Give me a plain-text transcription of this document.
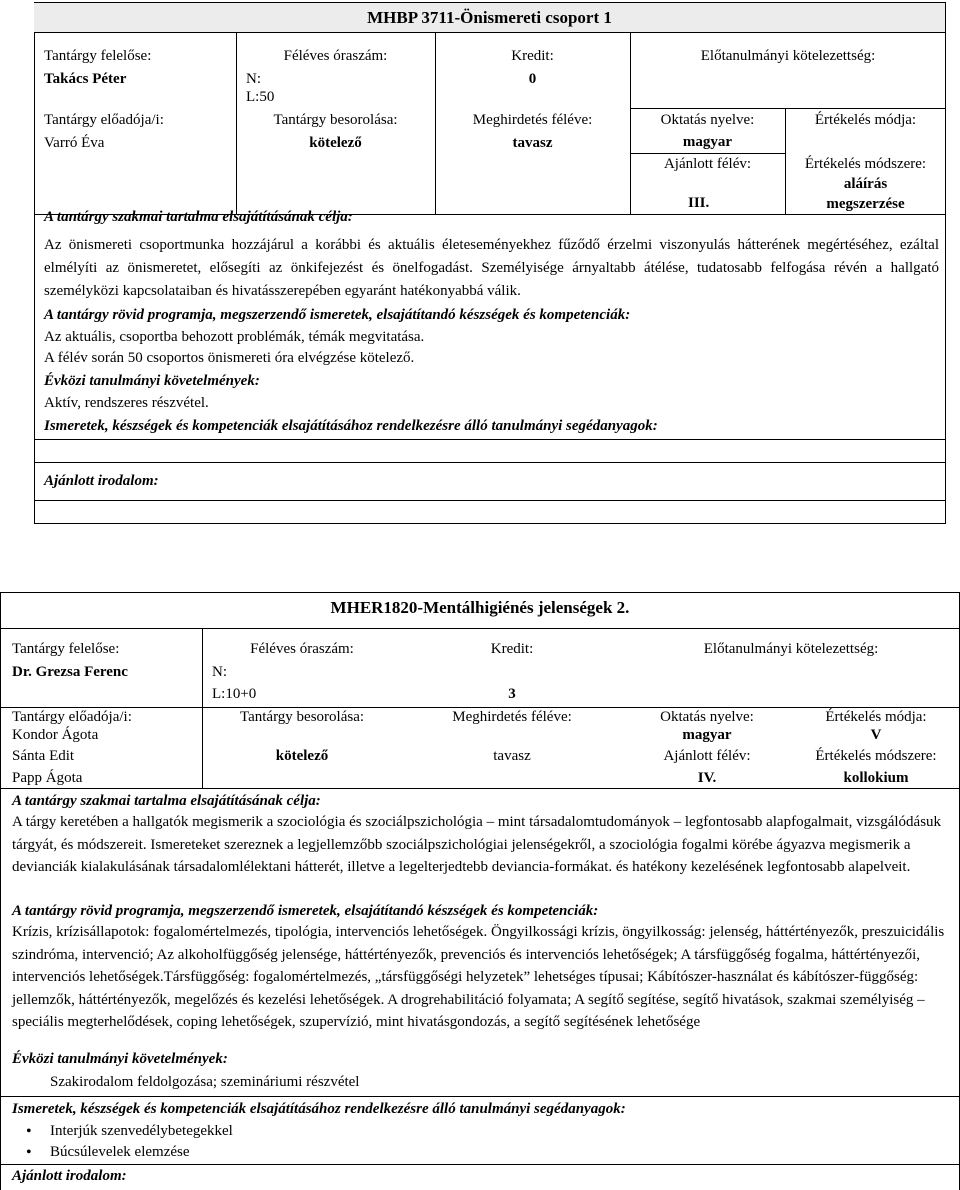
MHBP 3711-Önismereti csoport 1
Tantárgy felelőse:
Takács Péter
Tantárgy előadója/i:
Varró Éva
Féléves óraszám:
N:
L:50
Tantárgy besorolása:
kötelező
Kredit:
0
Meghirdetés féléve:
tavasz
Előtanulmányi kötelezettség:
Oktatás nyelve:
magyar
Ajánlott félév:
III.
Értékelés módja:
Értékelés módszere:
aláírás
megszerzése
A tantárgy szakmai tartalma elsajátításának célja:
Az önismereti csoportmunka hozzájárul a korábbi és aktuális életeseményekhez fűződő érzelmi viszonyulás hátterének megértéséhez, ezáltal elmélyíti az önismeretet, elősegíti az önkifejezést és önelfogadást. Személyisége árnyaltabb átélése, tudatosabb felfogása révén a hallgató személyközi kapcsolataiban és hivatásszerepében egyaránt hatékonyabbá válik.
A tantárgy rövid programja, megszerzendő ismeretek, elsajátítandó készségek és kompetenciák:
Az aktuális, csoportba behozott problémák, témák megvitatása.
A félév során 50 csoportos önismereti óra elvégzése kötelező.
Évközi tanulmányi követelmények:
Aktív, rendszeres részvétel.
Ismeretek, készségek és kompetenciák elsajátításához rendelkezésre álló tanulmányi segédanyagok:
Ajánlott irodalom:
MHER1820-Mentálhigiénés jelenségek 2.
Tantárgy felelőse:
Dr. Grezsa Ferenc
Tantárgy előadója/i:
Kondor Ágota
Sánta Edit
Papp Ágota
Féléves óraszám:
N:
L:10+0
Tantárgy besorolása:
kötelező
Kredit:
3
Meghirdetés féléve:
tavasz
Előtanulmányi kötelezettség:
Oktatás nyelve:
magyar
Ajánlott félév:
IV.
Értékelés módja:
V
Értékelés módszere:
kollokium
A tantárgy szakmai tartalma elsajátításának célja:
A tárgy keretében a hallgatók megismerik a szociológia és szociálpszichológia – mint társadalomtudományok – legfontosabb alapfogalmait, vizsgálódásuk tárgyát, és módszereit. Ismereteket szereznek a legjellemzőbb szociálpszichológiai jelenségekről, a szociológia fogalmi körébe ágyazva megismerik a devianciák kialakulásának társadalomlélektani hátterét, illetve a legelterjedtebb deviancia-formákat. és hatékony kezelésének legfontosabb alapelveit.
A tantárgy rövid programja, megszerzendő ismeretek, elsajátítandó készségek és kompetenciák:
Krízis, krízisállapotok: fogalomértelmezés, tipológia, intervenciós lehetőségek. Öngyilkossági krízis, öngyilkosság: jelenség, háttértényezők, preszuicidális szindróma, intervenció; Az alkoholfüggőség jelensége, háttértényezők, prevenciós és intervenciós lehetőségek; A társfüggőség fogalma, háttértényezői, intervenciós lehetőségek.Társfüggőség: fogalomértelmezés, „társfüggőségi helyzetek” lehetséges típusai; Kábítószer-használat és kábítószer-függőség: jellemzők, háttértényezők, megelőzés és kezelési lehetőségek. A drogrehabilitáció folyamata; A segítő segítése, segítő hivatások, szakmai személyiség – speciális megterhelődések, coping lehetőségek, szupervízió, mint hivatásgondozás, a segítő segítésének lehetősége
Évközi tanulmányi követelmények:
Szakirodalom feldolgozása; szemináriumi részvétel
Ismeretek, készségek és kompetenciák elsajátításához rendelkezésre álló tanulmányi segédanyagok:
• Interjúk szenvedélybetegekkel
• Búcsúlevelek elemzése
Ajánlott irodalom:
